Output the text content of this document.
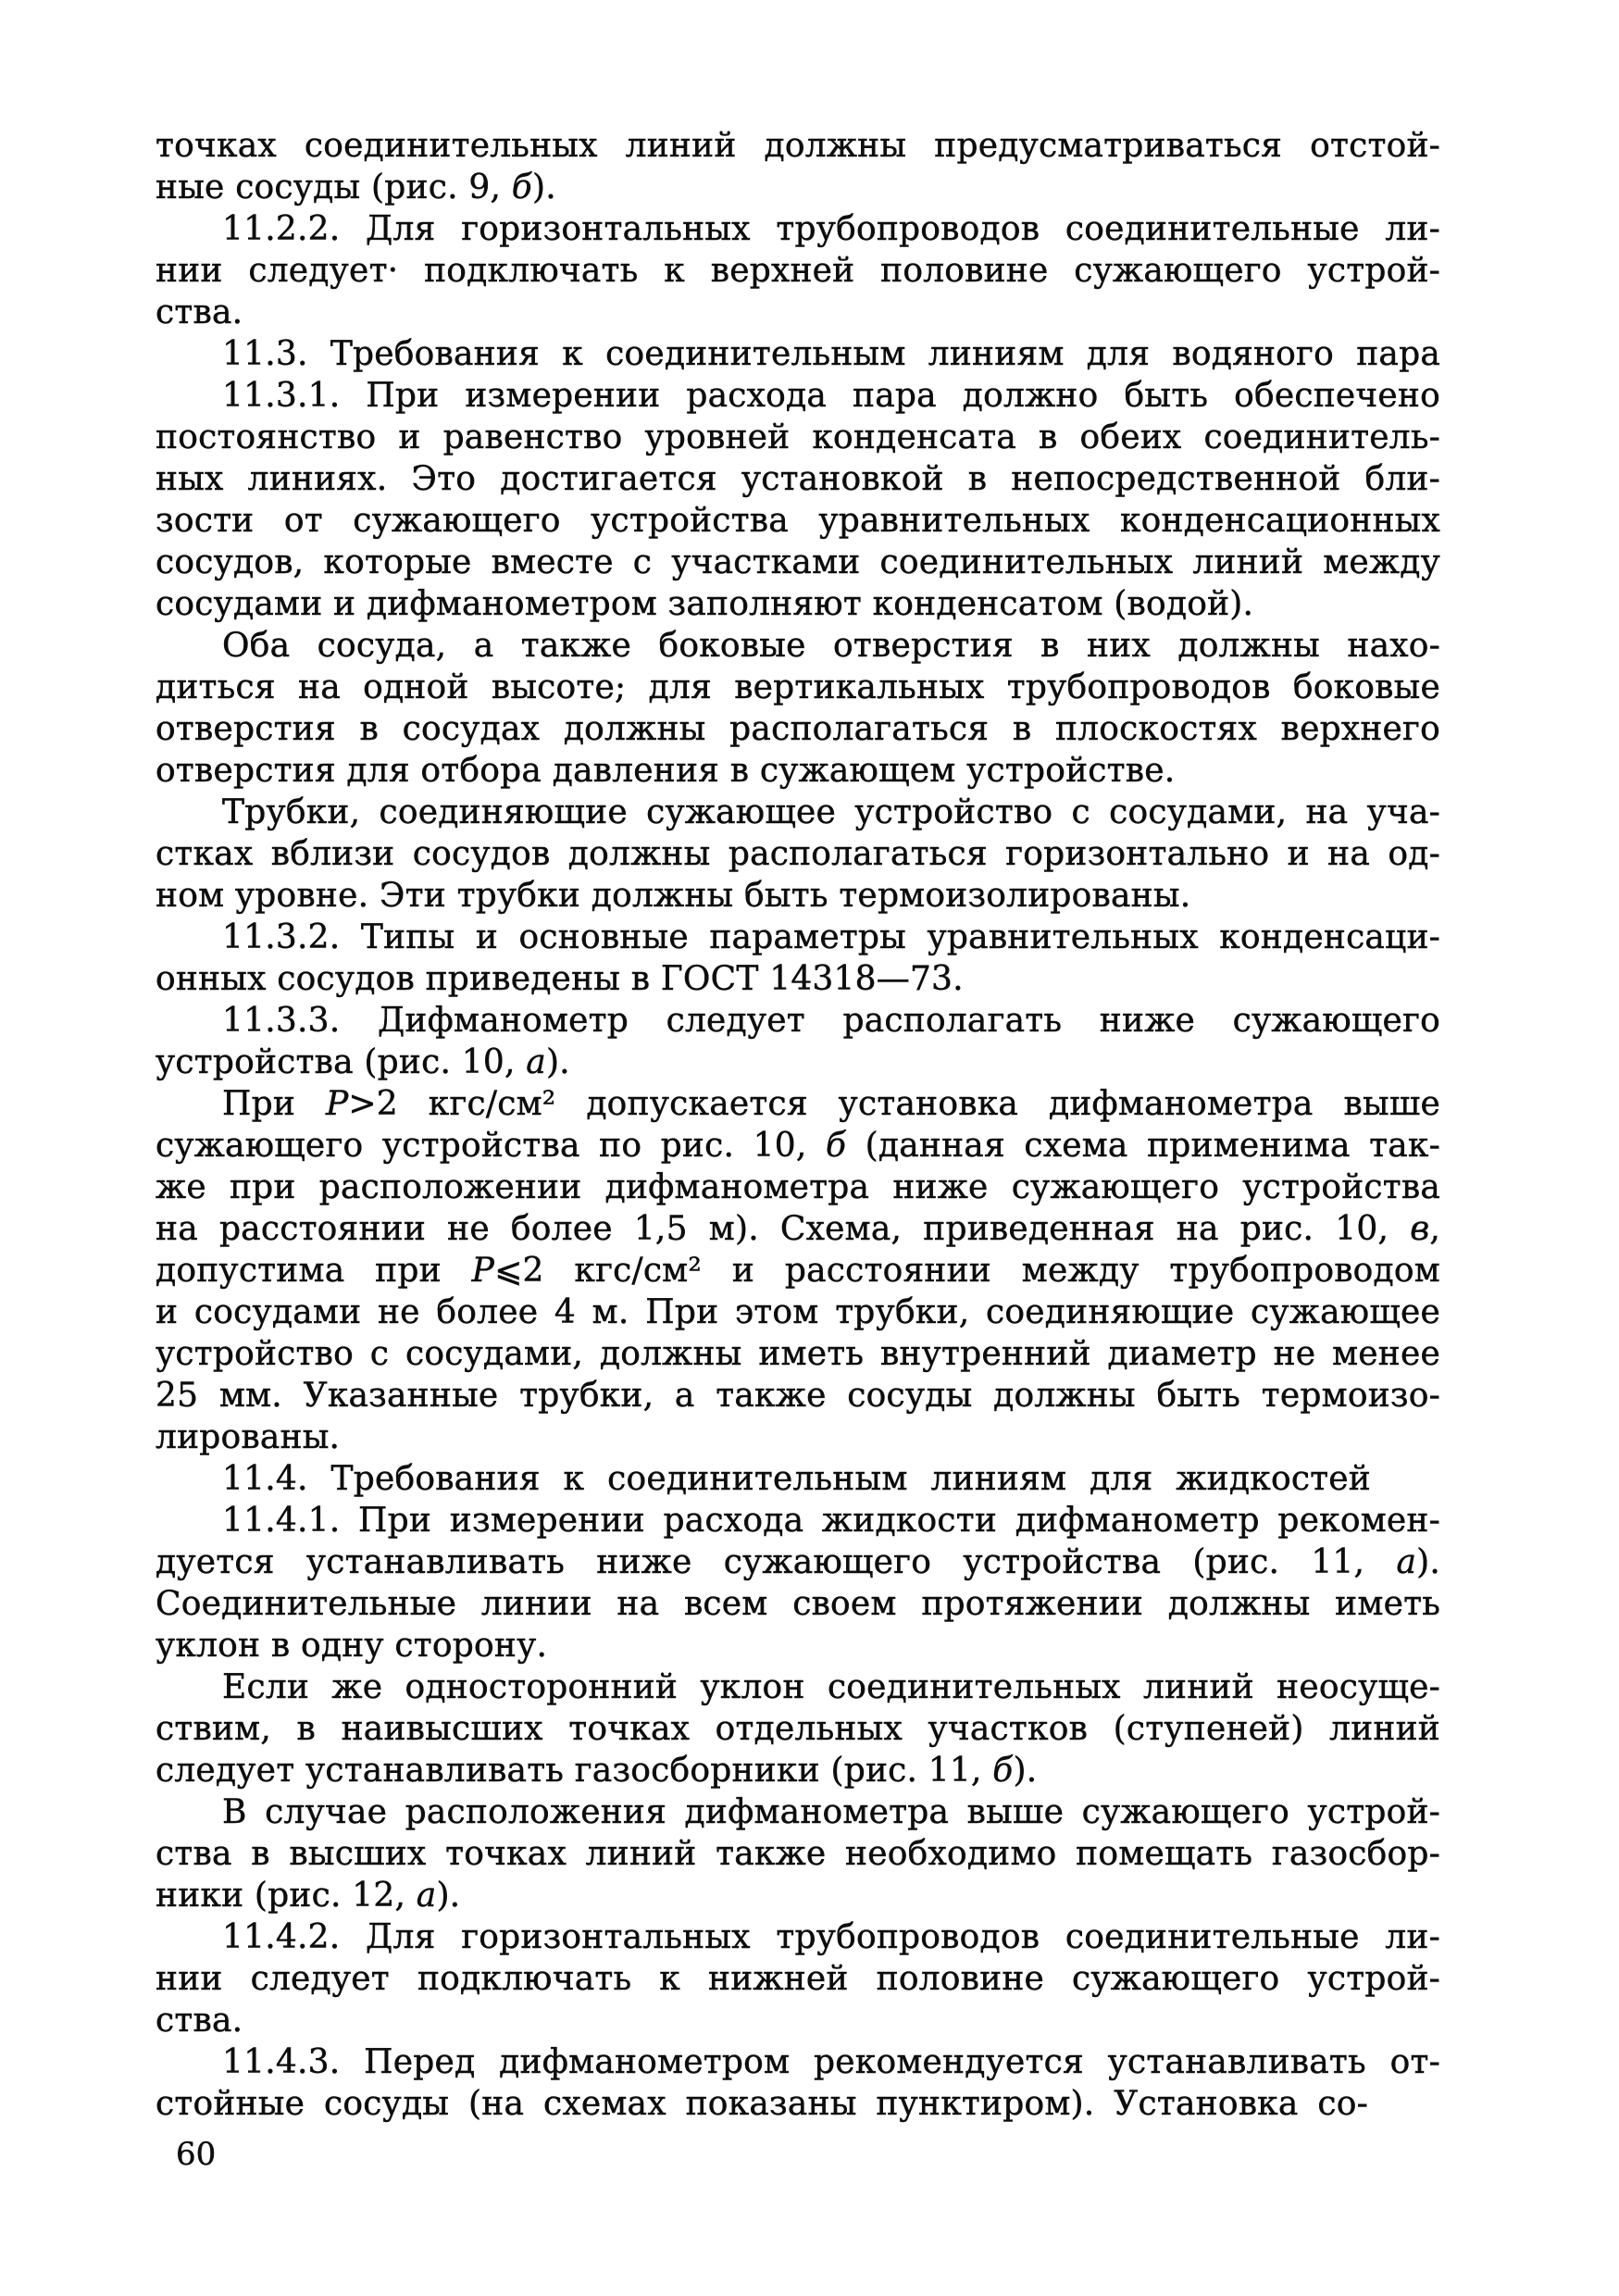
точках соединительных линий должны предусматриваться отстой-
ные сосуды (рис. 9, б).
11.2.2. Для горизонтальных трубопроводов соединительные ли-
нии следует· подключать к верхней половине сужающего устрой-
ства.
11.3. Требования к соединительным линиям для водяного пара
11.3.1. При измерении расхода пара должно быть обеспечено
постоянство и равенство уровней конденсата в обеих соединитель-
ных линиях. Это достигается установкой в непосредственной бли-
зости от сужающего устройства уравнительных конденсационных
сосудов, которые вместе с участками соединительных линий между
сосудами и дифманометром заполняют конденсатом (водой).
Оба сосуда, а также боковые отверстия в них должны нахо-
диться на одной высоте; для вертикальных трубопроводов боковые
отверстия в сосудах должны располагаться в плоскостях верхнего
отверстия для отбора давления в сужающем устройстве.
Трубки, соединяющие сужающее устройство с сосудами, на уча-
стках вблизи сосудов должны располагаться горизонтально и на од-
ном уровне. Эти трубки должны быть термоизолированы.
11.3.2. Типы и основные параметры уравнительных конденсаци-
онных сосудов приведены в ГОСТ 14318—73.
11.3.3. Дифманометр следует располагать ниже сужающего
устройства (рис. 10, а).
При Р>2 кгс/см² допускается установка дифманометра выше
сужающего устройства по рис. 10, б (данная схема применима так-
же при расположении дифманометра ниже сужающего устройства
на расстоянии не более 1,5 м). Схема, приведенная на рис. 10, в,
допустима при Р⩽2 кгс/см² и расстоянии между трубопроводом
и сосудами не более 4 м. При этом трубки, соединяющие сужающее
устройство с сосудами, должны иметь внутренний диаметр не менее
25 мм. Указанные трубки, а также сосуды должны быть термоизо-
лированы.
11.4. Требования к соединительным линиям для жидкостей
11.4.1. При измерении расхода жидкости дифманометр рекомен-
дуется устанавливать ниже сужающего устройства (рис. 11, а).
Соединительные линии на всем своем протяжении должны иметь
уклон в одну сторону.
Если же односторонний уклон соединительных линий неосуще-
ствим, в наивысших точках отдельных участков (ступеней) линий
следует устанавливать газосборники (рис. 11, б).
В случае расположения дифманометра выше сужающего устрой-
ства в высших точках линий также необходимо помещать газосбор-
ники (рис. 12, а).
11.4.2. Для горизонтальных трубопроводов соединительные ли-
нии следует подключать к нижней половине сужающего устрой-
ства.
11.4.3. Перед дифманометром рекомендуется устанавливать от-
стойные сосуды (на схемах показаны пунктиром). Установка со-
60
